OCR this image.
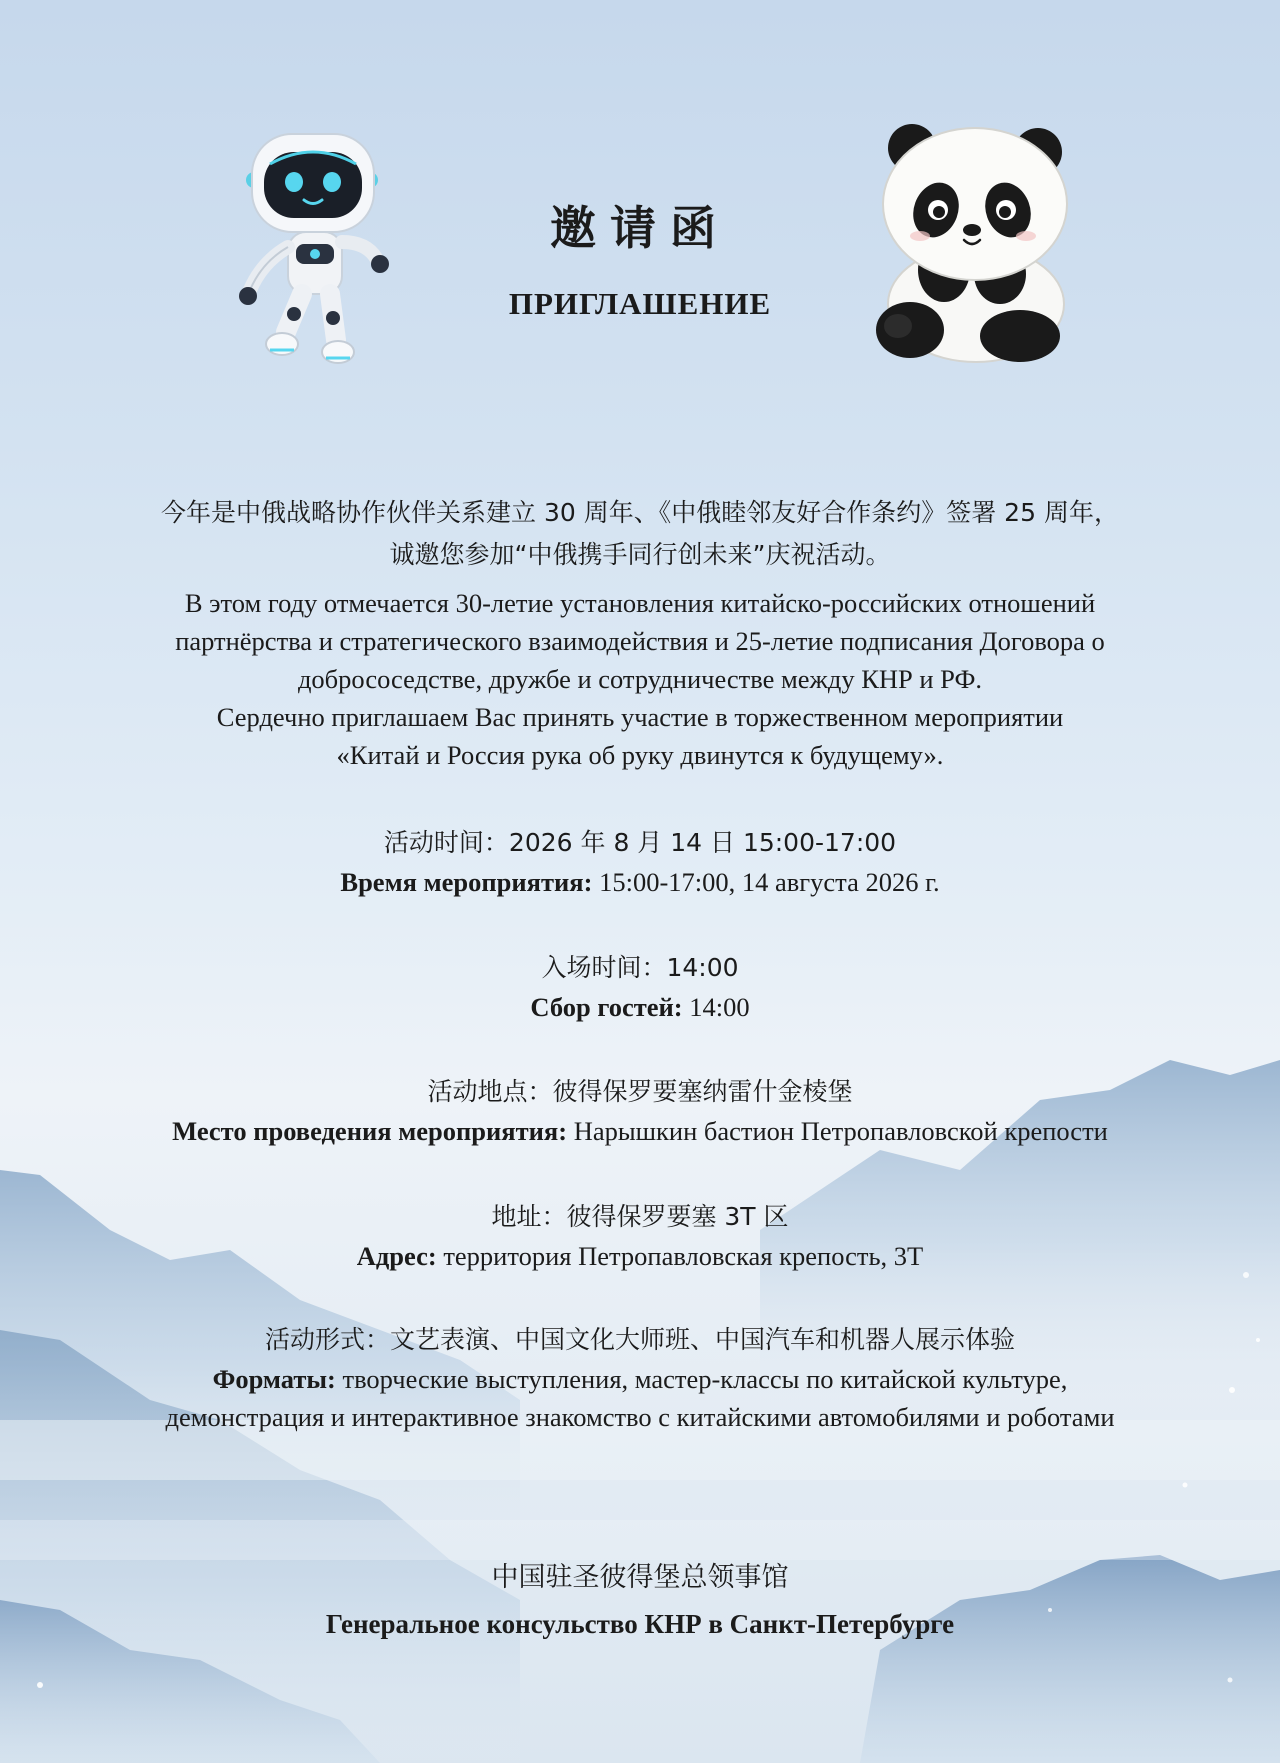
邀请函
ПРИГЛАШЕНИЕ
今年是中俄战略协作伙伴关系建立 30 周年、《中俄睦邻友好合作条约》签署 25 周年，
诚邀您参加“中俄携手同行创未来”庆祝活动。
В этом году отмечается 30-летие установления китайско-российских отношений
партнёрства и стратегического взаимодействия и 25-летие подписания Договора о
добрососедстве, дружбе и сотрудничестве между КНР и РФ.
Сердечно приглашаем Вас принять участие в торжественном мероприятии
«Китай и Россия рука об руку двинутся к будущему».
活动时间：2026 年 8 月 14 日 15:00-17:00
Время мероприятия: 15:00-17:00, 14 августа 2026 г.
入场时间：14:00
Сбор гостей: 14:00
活动地点：彼得保罗要塞纳雷什金棱堡
Место проведения мероприятия: Нарышкин бастион Петропавловской крепости
地址：彼得保罗要塞 3T 区
Адрес: территория Петропавловская крепость, 3Т
活动形式：文艺表演、中国文化大师班、中国汽车和机器人展示体验
Форматы: творческие выступления, мастер-классы по китайской культуре,
демонстрация и интерактивное знакомство с китайскими автомобилями и роботами
中国驻圣彼得堡总领事馆
Генеральное консульство КНР в Санкт-Петербурге
